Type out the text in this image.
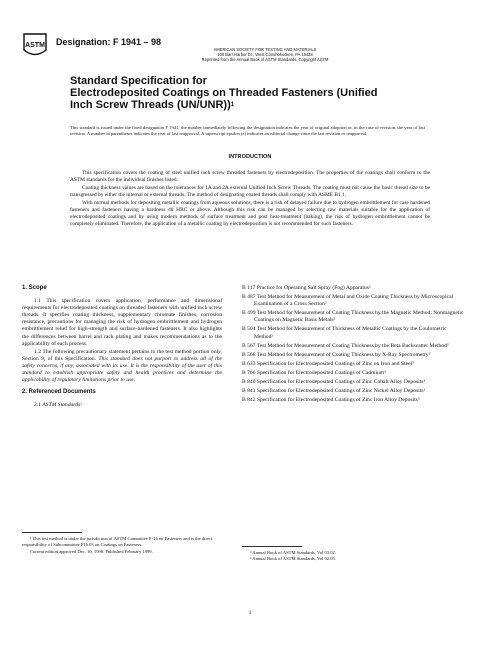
ASTM Designation: F 1941 – 98
AMERICAN SOCIETY FOR TESTING AND MATERIALS
100 Barr Harbor Dr., West Conshohocken, PA 19428
Reprinted from the Annual Book of ASTM Standards. Copyright ASTM
Standard Specification for
Electrodeposited Coatings on Threaded Fasteners (Unified
Inch Screw Threads (UN/UNR))$^1$
This standard is issued under the fixed designation F 1941; the number immediately following the designation indicates the year of original adoption or, in the case of revision, the year of last revision. A number in parentheses indicates the year of last reapproval. A superscript epsilon (ε) indicates an editorial change since the last revision or reapproval.
INTRODUCTION

This specification covers the coating of steel unified inch screw threaded fasteners by electrodeposition. The properties of the coatings shall conform to the ASTM standards for the individual finishes listed.

Coating thickness values are based on the tolerances for 1A and 2A external Unified Inch Screw Threads. The coating must not cause the basic thread size to be transgressed by either the internal or external threads. The method of designating coated threads shall comply with ASME B1.1.

With normal methods for depositing metallic coatings from aqueous solutions, there is a risk of delayed failure due to hydrogen embrittlement for case hardened fasteners and fasteners having a hardness 40 HRC or above. Although this risk can be managed by selecting raw materials suitable for the application of electrodeposited coatings and by using modern methods of surface treatment and post heat-treatment (baking), the risk of hydrogen embrittlement cannot be completely eliminated. Therefore, the application of a metallic coating by electrodeposition is not recommended for such fasteners.

1. Scope

1.1 This specification covers application, performance and dimensional requirements for electrodeposited coatings on threaded fasteners with unified inch screw threads. It specifies coating thickness, supplementary chromate finishes, corrosion resistance, precautions for managing the risk of hydrogen embrittlement and hydrogen embrittlement relief for high-strength and surface-hardened fasteners. It also highlights the differences between barrel and rack plating and makes recommendations as to the applicability of each process.

1.2 The following precautionary statement pertains to the test method portion only, Section 9, of this Specification. This standard does not purport to address all of the safety concerns, if any, associated with its use. It is the responsibility of the user of this standard to establish appropriate safety and health practices and determine the applicability of regulatory limitations prior to use.

2. Referenced Documents

2.1 ASTM Standards:

¹ This test method is under the jurisdiction of ASTM Committee F-16 on Fasteners and is the direct responsibility of Subcommittee F16.03 on Coatings on Fasteners.
Current edition approved Dec. 10, 1998. Published February 1999.

B 117 Practice for Operating Salt Spray (Fog) Apparatus²

B 487 Test Method for Measurement of Metal and Oxide Coating Thickness by Microscopical Examination of a Cross Section²

B 499 Test Method for Measurement of Coating Thickness by the Magnetic Method: Nonmagnetic Coatings on Magnetic Basis Metals²

B 504 Test Method for Measurement of Thickness of Metallic Coatings by the Coulometric Method²

B 567 Test Method for Measurement of Coating Thickness by the Beta Backscatter Method²

B 568 Test Method for Measurement of Coating Thickness by X-Ray Spectrometry²

B 633 Specification for Electrodeposited Coatings of Zinc on Iron and Steel³

B 766 Specification for Electrodeposited Coatings of Cadmium³

B 840 Specification for Electrodeposited Coatings of Zinc Cobalt Alloy Deposits³

B 841 Specification for Electrodeposited Coatings of Zinc Nickel Alloy Deposits³

B 842 Specification for Electrodeposited Coatings of Zinc Iron Alloy Deposits³

² Annual Book of ASTM Standards, Vol 03.02.
³ Annual Book of ASTM Standards, Vol 02.05.
1
